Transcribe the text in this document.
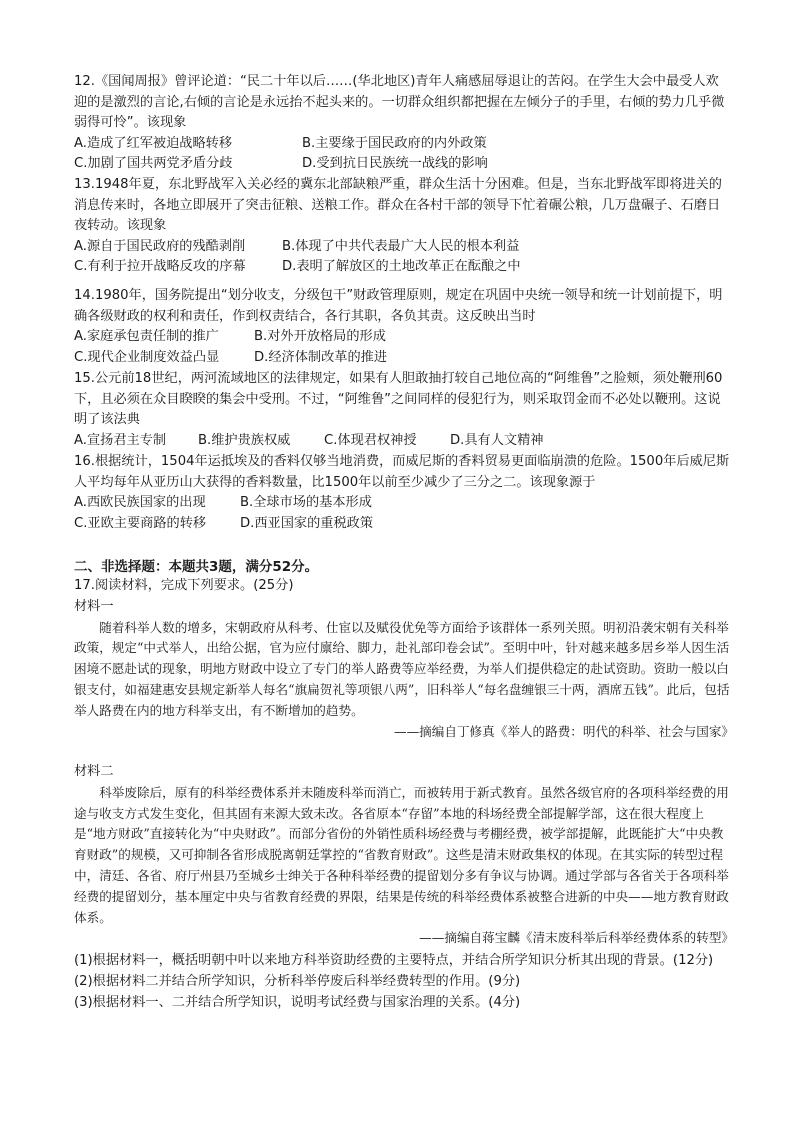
12.《国闻周报》曾评论道：“民二十年以后……(华北地区)青年人痛感屈辱退让的苦闷。在学生大会中最受人欢迎的是激烈的言论,右倾的言论是永远抬不起头来的。一切群众组织都把握在左倾分子的手里，右倾的势力几乎微弱得可怜”。该现象

A.造成了红军被迫战略转移	B.主要缘于国民政府的内外政策
C.加剧了国共两党矛盾分歧	D.受到抗日民族统一战线的影响

13.1948年夏，东北野战军入关必经的冀东北部缺粮严重，群众生活十分困难。但是，当东北野战军即将进关的消息传来时，各地立即展开了突击征粮、送粮工作。群众在各村干部的领导下忙着碾公粮，几万盘碾子、石磨日夜转动。该现象

A.源自于国民政府的残酷剥削	B.体现了中共代表最广大人民的根本利益
C.有利于拉开战略反攻的序幕	D.表明了解放区的土地改革正在酝酿之中

14.1980年，国务院提出“划分收支，分级包干”财政管理原则，规定在巩固中央统一领导和统一计划前提下，明确各级财政的权利和责任，作到权责结合，各行其职，各负其责。这反映出当时

A.家庭承包责任制的推广	B.对外开放格局的形成
C.现代企业制度效益凸显	D.经济体制改革的推进

15.公元前18世纪，两河流域地区的法律规定，如果有人胆敢抽打较自己地位高的“阿维鲁”之脸颊，须处鞭刑60下，且必须在众目睽睽的集会中受刑。不过，“阿维鲁”之间同样的侵犯行为，则采取罚金而不必处以鞭刑。这说明了该法典

A.宣扬君主专制 B.维护贵族权威	C.体现君权神授	D.具有人文精神

16.根据统计，1504年运抵埃及的香料仅够当地消费，而威尼斯的香料贸易更面临崩溃的危险。1500年后威尼斯人平均每年从亚历山大获得的香料数量，比1500年以前至少减少了三分之二。该现象源于

A.西欧民族国家的出现	B.全球市场的基本形成
C.亚欧主要商路的转移	D.西亚国家的重税政策
二、非选择题：本题共3题，满分52分。
17.阅读材料，完成下列要求。(25分)
材料一

随着科举人数的增多，宋朝政府从科考、仕宦以及赋役优免等方面给予该群体一系列关照。明初沿袭宋朝有关科举政策，规定“中式举人，出给公据，官为应付廪给、脚力，赴礼部印卷会试”。至明中叶，针对越来越多居乡举人因生活困境不愿赴试的现象，明地方财政中设立了专门的举人路费等应举经费，为举人们提供稳定的赴试资助。资助一般以白银支付，如福建惠安县规定新举人每名“旗扁贺礼等项银八两”，旧科举人“每名盘缠银三十两，酒席五钱”。此后，包括举人路费在内的地方科举支出，有不断增加的趋势。

——摘编自丁修真《举人的路费：明代的科举、社会与国家》
材料二

科举废除后，原有的科举经费体系并未随废科举而消亡，而被转用于新式教育。虽然各级官府的各项科举经费的用途与收支方式发生变化，但其固有来源大致未改。各省原本“存留”本地的科场经费全部提解学部，这在很大程度上是“地方财政”直接转化为“中央财政”。而部分省份的外销性质科场经费与考棚经费，被学部提解，此既能扩大“中央教育财政”的规模，又可抑制各省形成脱离朝廷掌控的“省教育财政”。这些是清末财政集权的体现。在其实际的转型过程中，清廷、各省、府厅州县乃至城乡士绅关于各种科举经费的提留划分多有争议与协调。通过学部与各省关于各项科举经费的提留划分，基本厘定中央与省教育经费的界限，结果是传统的科举经费体系被整合进新的中央——地方教育财政体系。

——摘编自蒋宝麟《清末废科举后科举经费体系的转型》

(1)根据材料一，概括明朝中叶以来地方科举资助经费的主要特点，并结合所学知识分析其出现的背景。(12分)

(2)根据材料二并结合所学知识，分析科举停废后科举经费转型的作用。(9分)

(3)根据材料一、二并结合所学知识，说明考试经费与国家治理的关系。(4分)
